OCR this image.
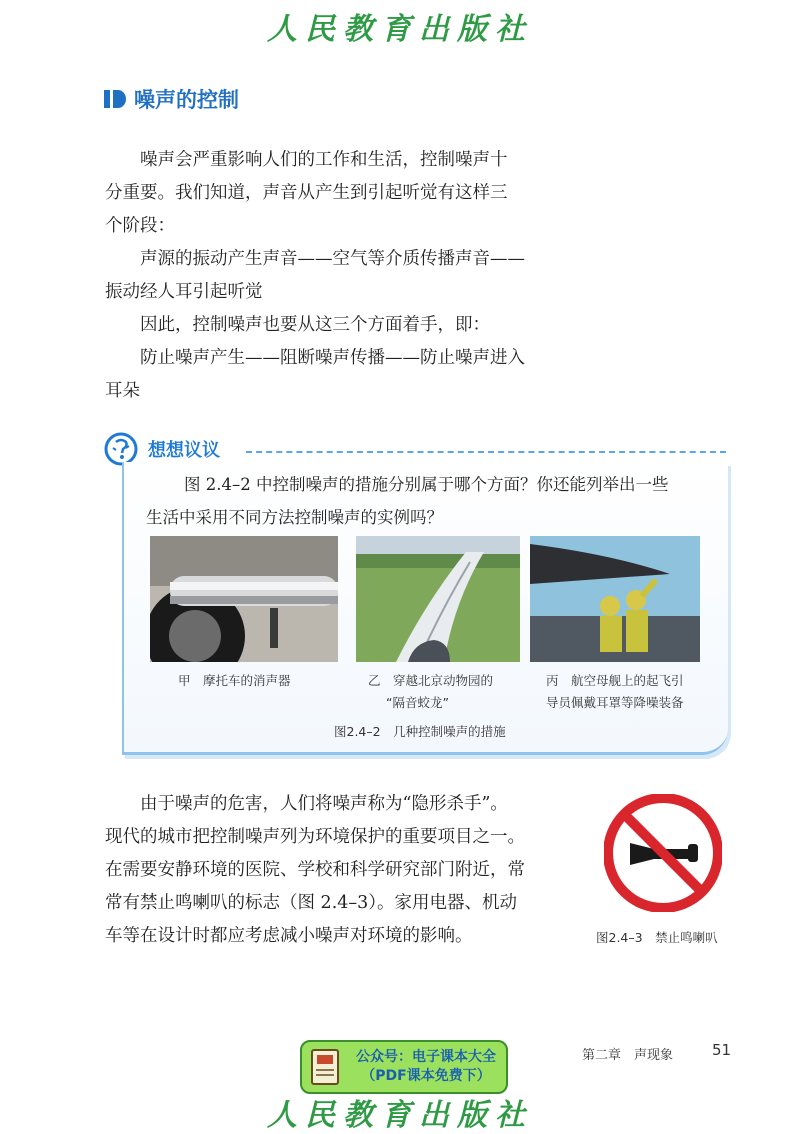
人民教育出版社
噪声的控制
噪声会严重影响人们的工作和生活，控制噪声十
分重要。我们知道，声音从产生到引起听觉有这样三
个阶段：
声源的振动产生声音——空气等介质传播声音——
振动经人耳引起听觉
因此，控制噪声也要从这三个方面着手，即：
防止噪声产生——阻断噪声传播——防止噪声进入
耳朵
想想议议
图 2.4–2 中控制噪声的措施分别属于哪个方面？你还能列举出一些
生活中采用不同方法控制噪声的实例吗？
甲　摩托车的消声器	乙　穿越北京动物园的
“隔音蛟龙”
丙　航空母舰上的起飞引
导员佩戴耳罩等降噪装备
图2.4–2　几种控制噪声的措施
由于噪声的危害，人们将噪声称为“隐形杀手”。
现代的城市把控制噪声列为环境保护的重要项目之一。
在需要安静环境的医院、学校和科学研究部门附近，常
常有禁止鸣喇叭的标志（图 2.4–3）。家用电器、机动
车等在设计时都应考虑减小噪声对环境的影响。	图2.4–3　禁止鸣喇叭
公众号：电子课本大全
（PDF课本免费下）
第二章　声现象	51
人民教育出版社
